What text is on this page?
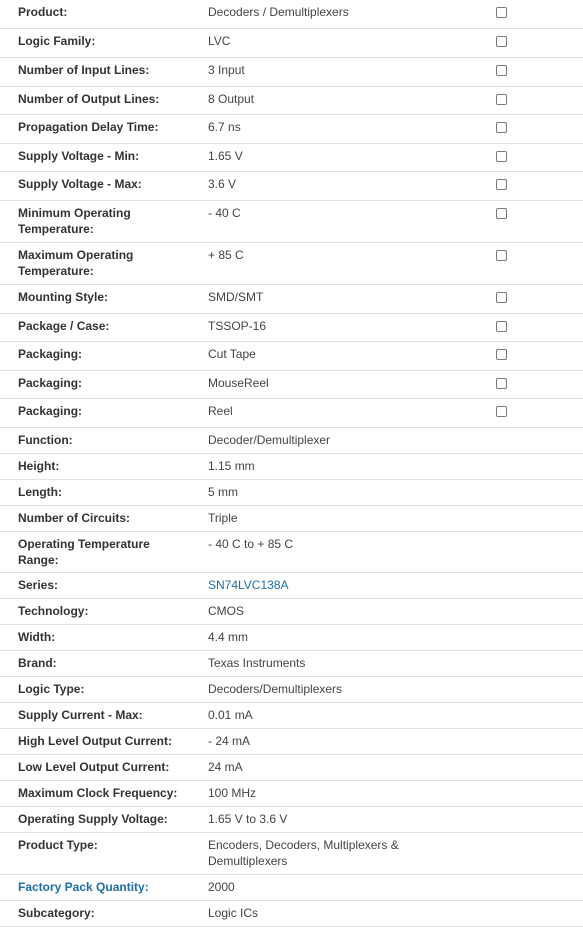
Product:	Decoders / Demultiplexers	
Logic Family:	LVC	
Number of Input Lines:	3 Input	
Number of Output Lines:	8 Output	
Propagation Delay Time:	6.7 ns	
Supply Voltage - Min:	1.65 V	
Supply Voltage - Max:	3.6 V	
Minimum Operating Temperature:	- 40 C	
Maximum Operating Temperature:	+ 85 C	
Mounting Style:	SMD/SMT	
Package / Case:	TSSOP-16	
Packaging:	Cut Tape	
Packaging:	MouseReel	
Packaging:	Reel	
Function:	Decoder/Demultiplexer	
Height:	1.15 mm	
Length:	5 mm	
Number of Circuits:	Triple	
Operating Temperature Range:	- 40 C to + 85 C	
Series:	SN74LVC138A	
Technology:	CMOS	
Width:	4.4 mm	
Brand:	Texas Instruments	
Logic Type:	Decoders/Demultiplexers	
Supply Current - Max:	0.01 mA	
High Level Output Current:	- 24 mA	
Low Level Output Current:	24 mA	
Maximum Clock Frequency:	100 MHz	
Operating Supply Voltage:	1.65 V to 3.6 V	
Product Type:	Encoders, Decoders, Multiplexers & Demultiplexers	
Factory Pack Quantity:	2000	
Subcategory:	Logic ICs	
